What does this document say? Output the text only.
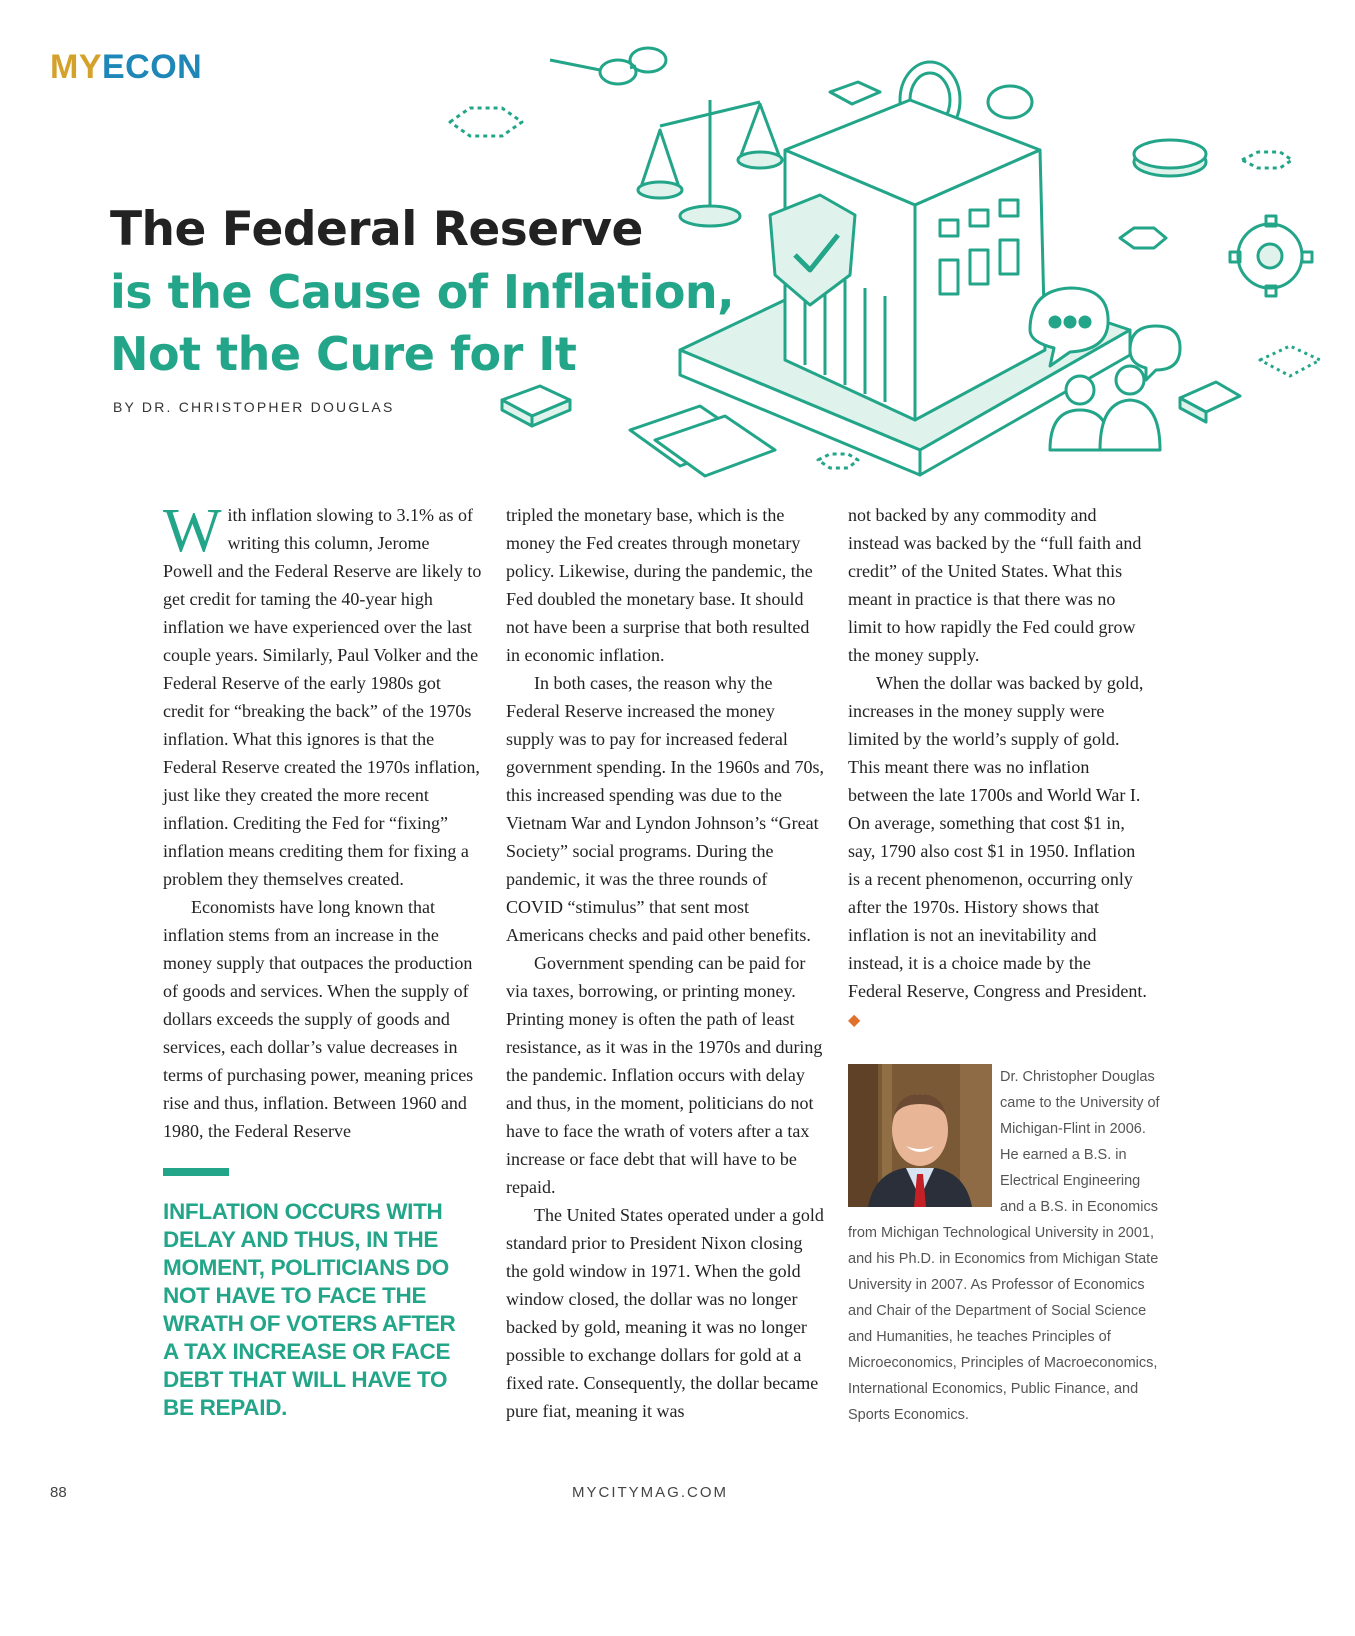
MYECON
The Federal Reserve
is the Cause of Inflation,
Not the Cure for It
BY DR. CHRISTOPHER DOUGLAS

With inflation slowing to 3.1% as of writing this column, Jerome Powell and the Federal Reserve are likely to get credit for taming the 40-year high inflation we have experienced over the last couple years. Similarly, Paul Volker and the Federal Reserve of the early 1980s got credit for “breaking the back” of the 1970s inflation. What this ignores is that the Federal Reserve created the 1970s inflation, just like they created the more recent inflation. Crediting the Fed for “fixing” inflation means crediting them for fixing a problem they themselves created.

Economists have long known that inflation stems from an increase in the money supply that outpaces the production of goods and services. When the supply of dollars exceeds the supply of goods and services, each dollar’s value decreases in terms of purchasing power, meaning prices rise and thus, inflation. Between 1960 and 1980, the Federal Reserve

INFLATION OCCURS WITH DELAY AND THUS, IN THE MOMENT, POLITICIANS DO NOT HAVE TO FACE THE WRATH OF VOTERS AFTER A TAX INCREASE OR FACE DEBT THAT WILL HAVE TO BE REPAID.

tripled the monetary base, which is the money the Fed creates through monetary policy. Likewise, during the pandemic, the Fed doubled the monetary base. It should not have been a surprise that both resulted in economic inflation.

In both cases, the reason why the Federal Reserve increased the money supply was to pay for increased federal government spending. In the 1960s and 70s, this increased spending was due to the Vietnam War and Lyndon Johnson’s “Great Society” social programs. During the pandemic, it was the three rounds of COVID “stimulus” that sent most Americans checks and paid other benefits.

Government spending can be paid for via taxes, borrowing, or printing money. Printing money is often the path of least resistance, as it was in the 1970s and during the pandemic. Inflation occurs with delay and thus, in the moment, politicians do not have to face the wrath of voters after a tax increase or face debt that will have to be repaid.

The United States operated under a gold standard prior to President Nixon closing the gold window in 1971. When the gold window closed, the dollar was no longer backed by gold, meaning it was no longer possible to exchange dollars for gold at a fixed rate. Consequently, the dollar became pure fiat, meaning it was

not backed by any commodity and instead was backed by the “full faith and credit” of the United States. What this meant in practice is that there was no limit to how rapidly the Fed could grow the money supply.

When the dollar was backed by gold, increases in the money supply were limited by the world’s supply of gold. This meant there was no inflation between the late 1700s and World War I. On average, something that cost $1 in, say, 1790 also cost $1 in 1950. Inflation is a recent phenomenon, occurring only after the 1970s. History shows that inflation is not an inevitability and instead, it is a choice made by the Federal Reserve, Congress and President. ◆

Dr. Christopher Douglas came to the University of Michigan-Flint in 2006. He earned a B.S. in Electrical Engineering and a B.S. in Economics from Michigan Technological University in 2001, and his Ph.D. in Economics from Michigan State University in 2007. As Professor of Economics and Chair of the Department of Social Science and Humanities, he teaches Principles of Microeconomics, Principles of Macroeconomics, International Economics, Public Finance, and Sports Economics.
88	MYCITYMAG.COM
